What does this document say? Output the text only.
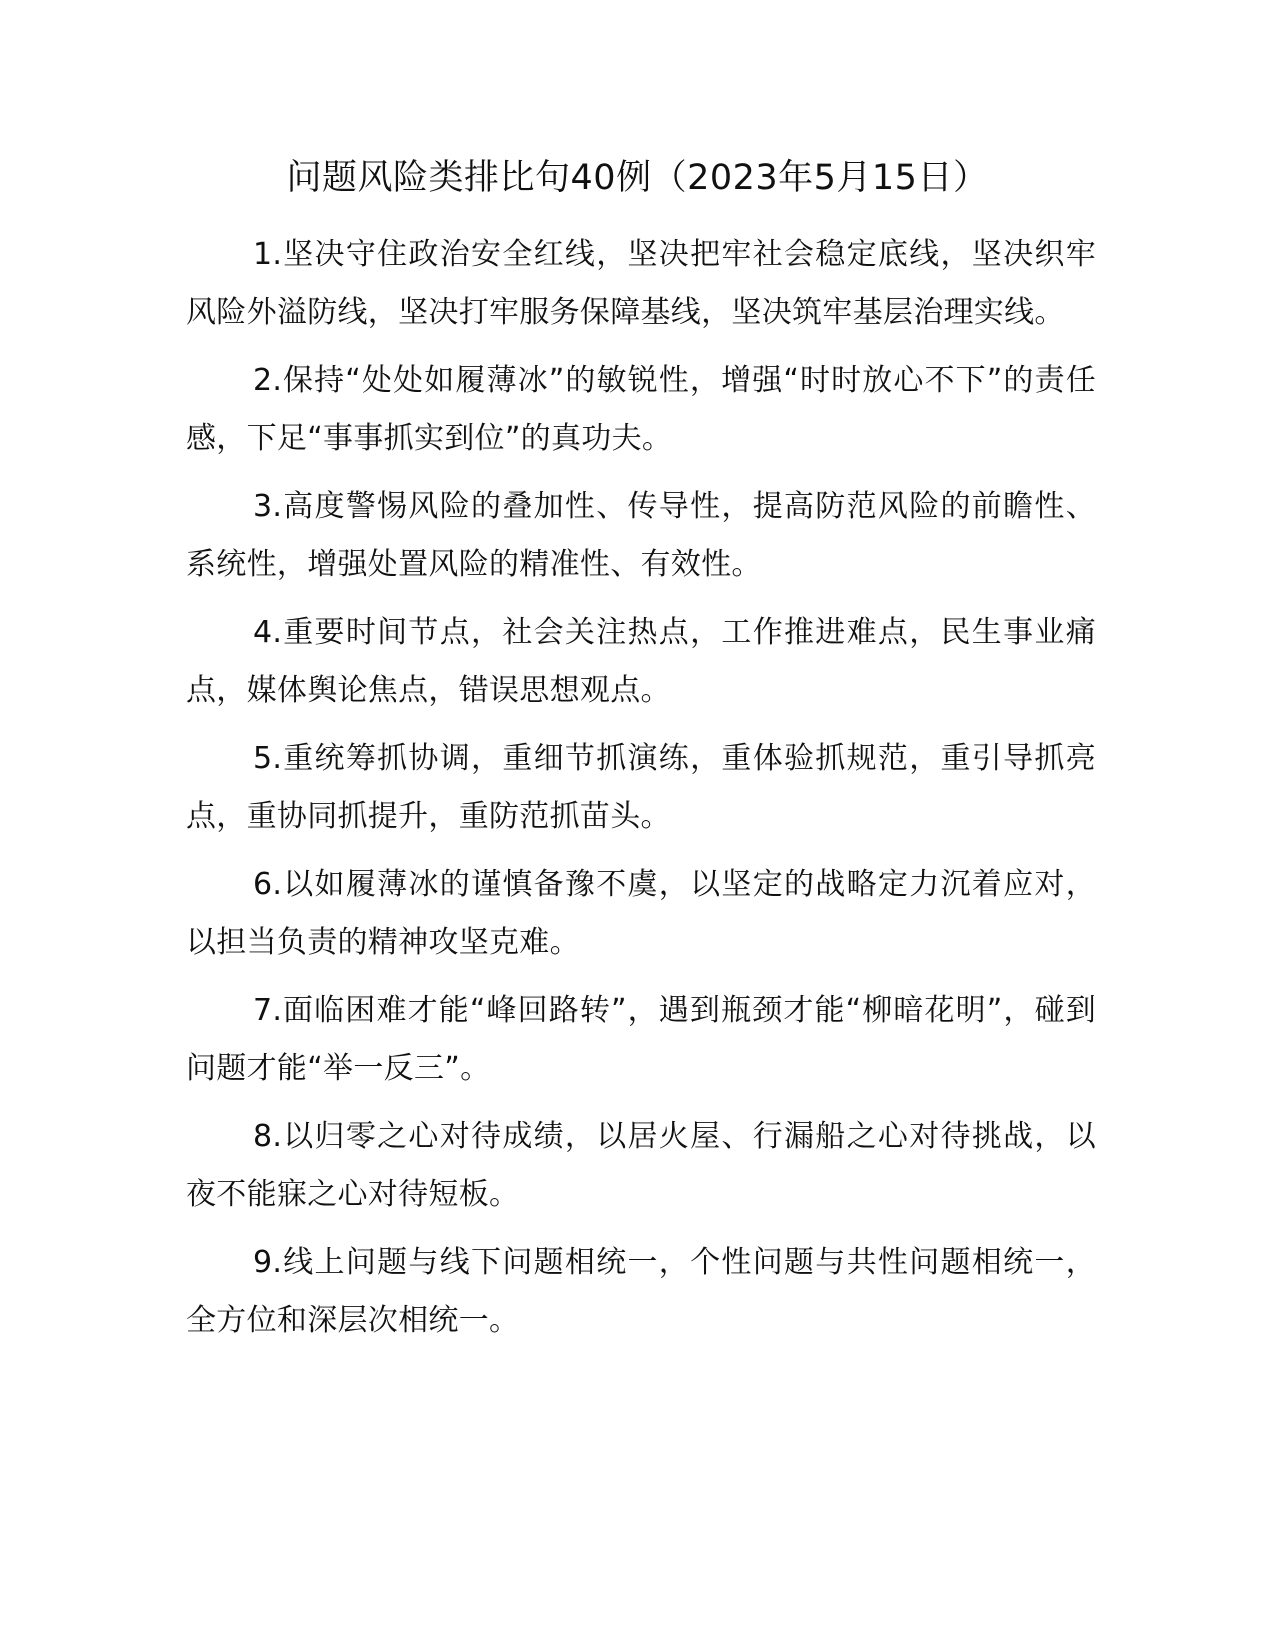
问题风险类排比句40例（2023年5月15日）

1.坚决守住政治安全红线，坚决把牢社会稳定底线，坚决织牢风险外溢防线，坚决打牢服务保障基线，坚决筑牢基层治理实线。

2.保持“处处如履薄冰”的敏锐性，增强“时时放心不下”的责任感，下足“事事抓实到位”的真功夫。

3.高度警惕风险的叠加性、传导性，提高防范风险的前瞻性、系统性，增强处置风险的精准性、有效性。

4.重要时间节点，社会关注热点，工作推进难点，民生事业痛点，媒体舆论焦点，错误思想观点。

5.重统筹抓协调，重细节抓演练，重体验抓规范，重引导抓亮点，重协同抓提升，重防范抓苗头。

6.以如履薄冰的谨慎备豫不虞，以坚定的战略定力沉着应对，以担当负责的精神攻坚克难。

7.面临困难才能“峰回路转”，遇到瓶颈才能“柳暗花明”，碰到问题才能“举一反三”。

8.以归零之心对待成绩，以居火屋、行漏船之心对待挑战，以夜不能寐之心对待短板。

9.线上问题与线下问题相统一，个性问题与共性问题相统一，全方位和深层次相统一。
